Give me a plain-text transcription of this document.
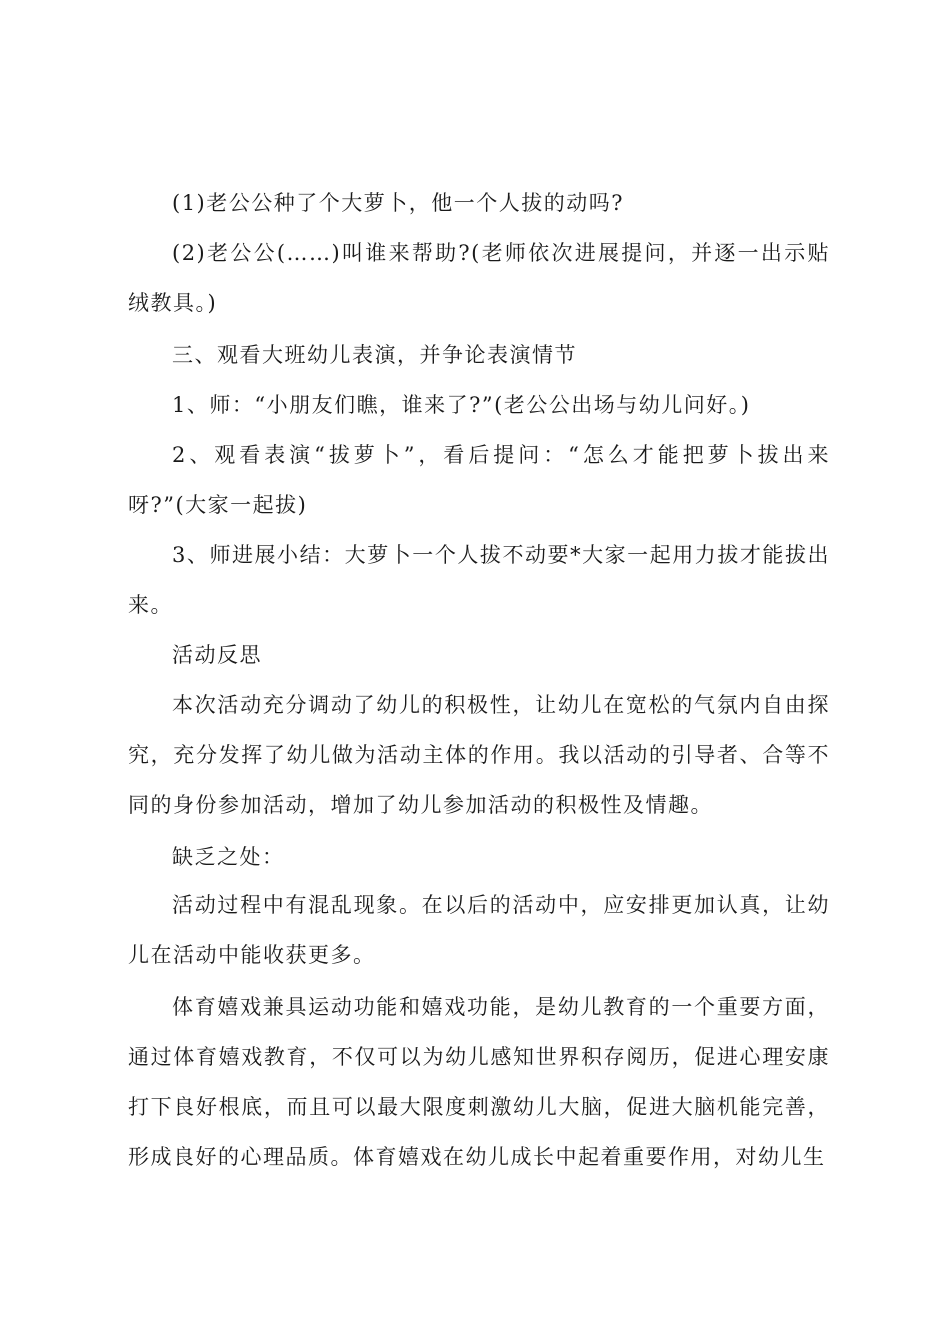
(1)老公公种了个大萝卜，他一个人拔的动吗?

(2)老公公(……)叫谁来帮助?(老师依次进展提问，并逐一出示贴绒教具。)

三、观看大班幼儿表演，并争论表演情节

1、师：“小朋友们瞧，谁来了?”(老公公出场与幼儿问好。)

2、观看表演“拔萝卜”，看后提问：“怎么才能把萝卜拔出来呀?”(大家一起拔)

3、师进展小结：大萝卜一个人拔不动要*大家一起用力拔才能拔出来。

活动反思

本次活动充分调动了幼儿的积极性，让幼儿在宽松的气氛内自由探究，充分发挥了幼儿做为活动主体的作用。我以活动的引导者、合等不同的身份参加活动，增加了幼儿参加活动的积极性及情趣。

缺乏之处：

活动过程中有混乱现象。在以后的活动中，应安排更加认真，让幼儿在活动中能收获更多。

体育嬉戏兼具运动功能和嬉戏功能，是幼儿教育的一个重要方面，通过体育嬉戏教育，不仅可以为幼儿感知世界积存阅历，促进心理安康打下良好根底，而且可以最大限度刺激幼儿大脑，促进大脑机能完善，形成良好的心理品质。体育嬉戏在幼儿成长中起着重要作用，对幼儿生
